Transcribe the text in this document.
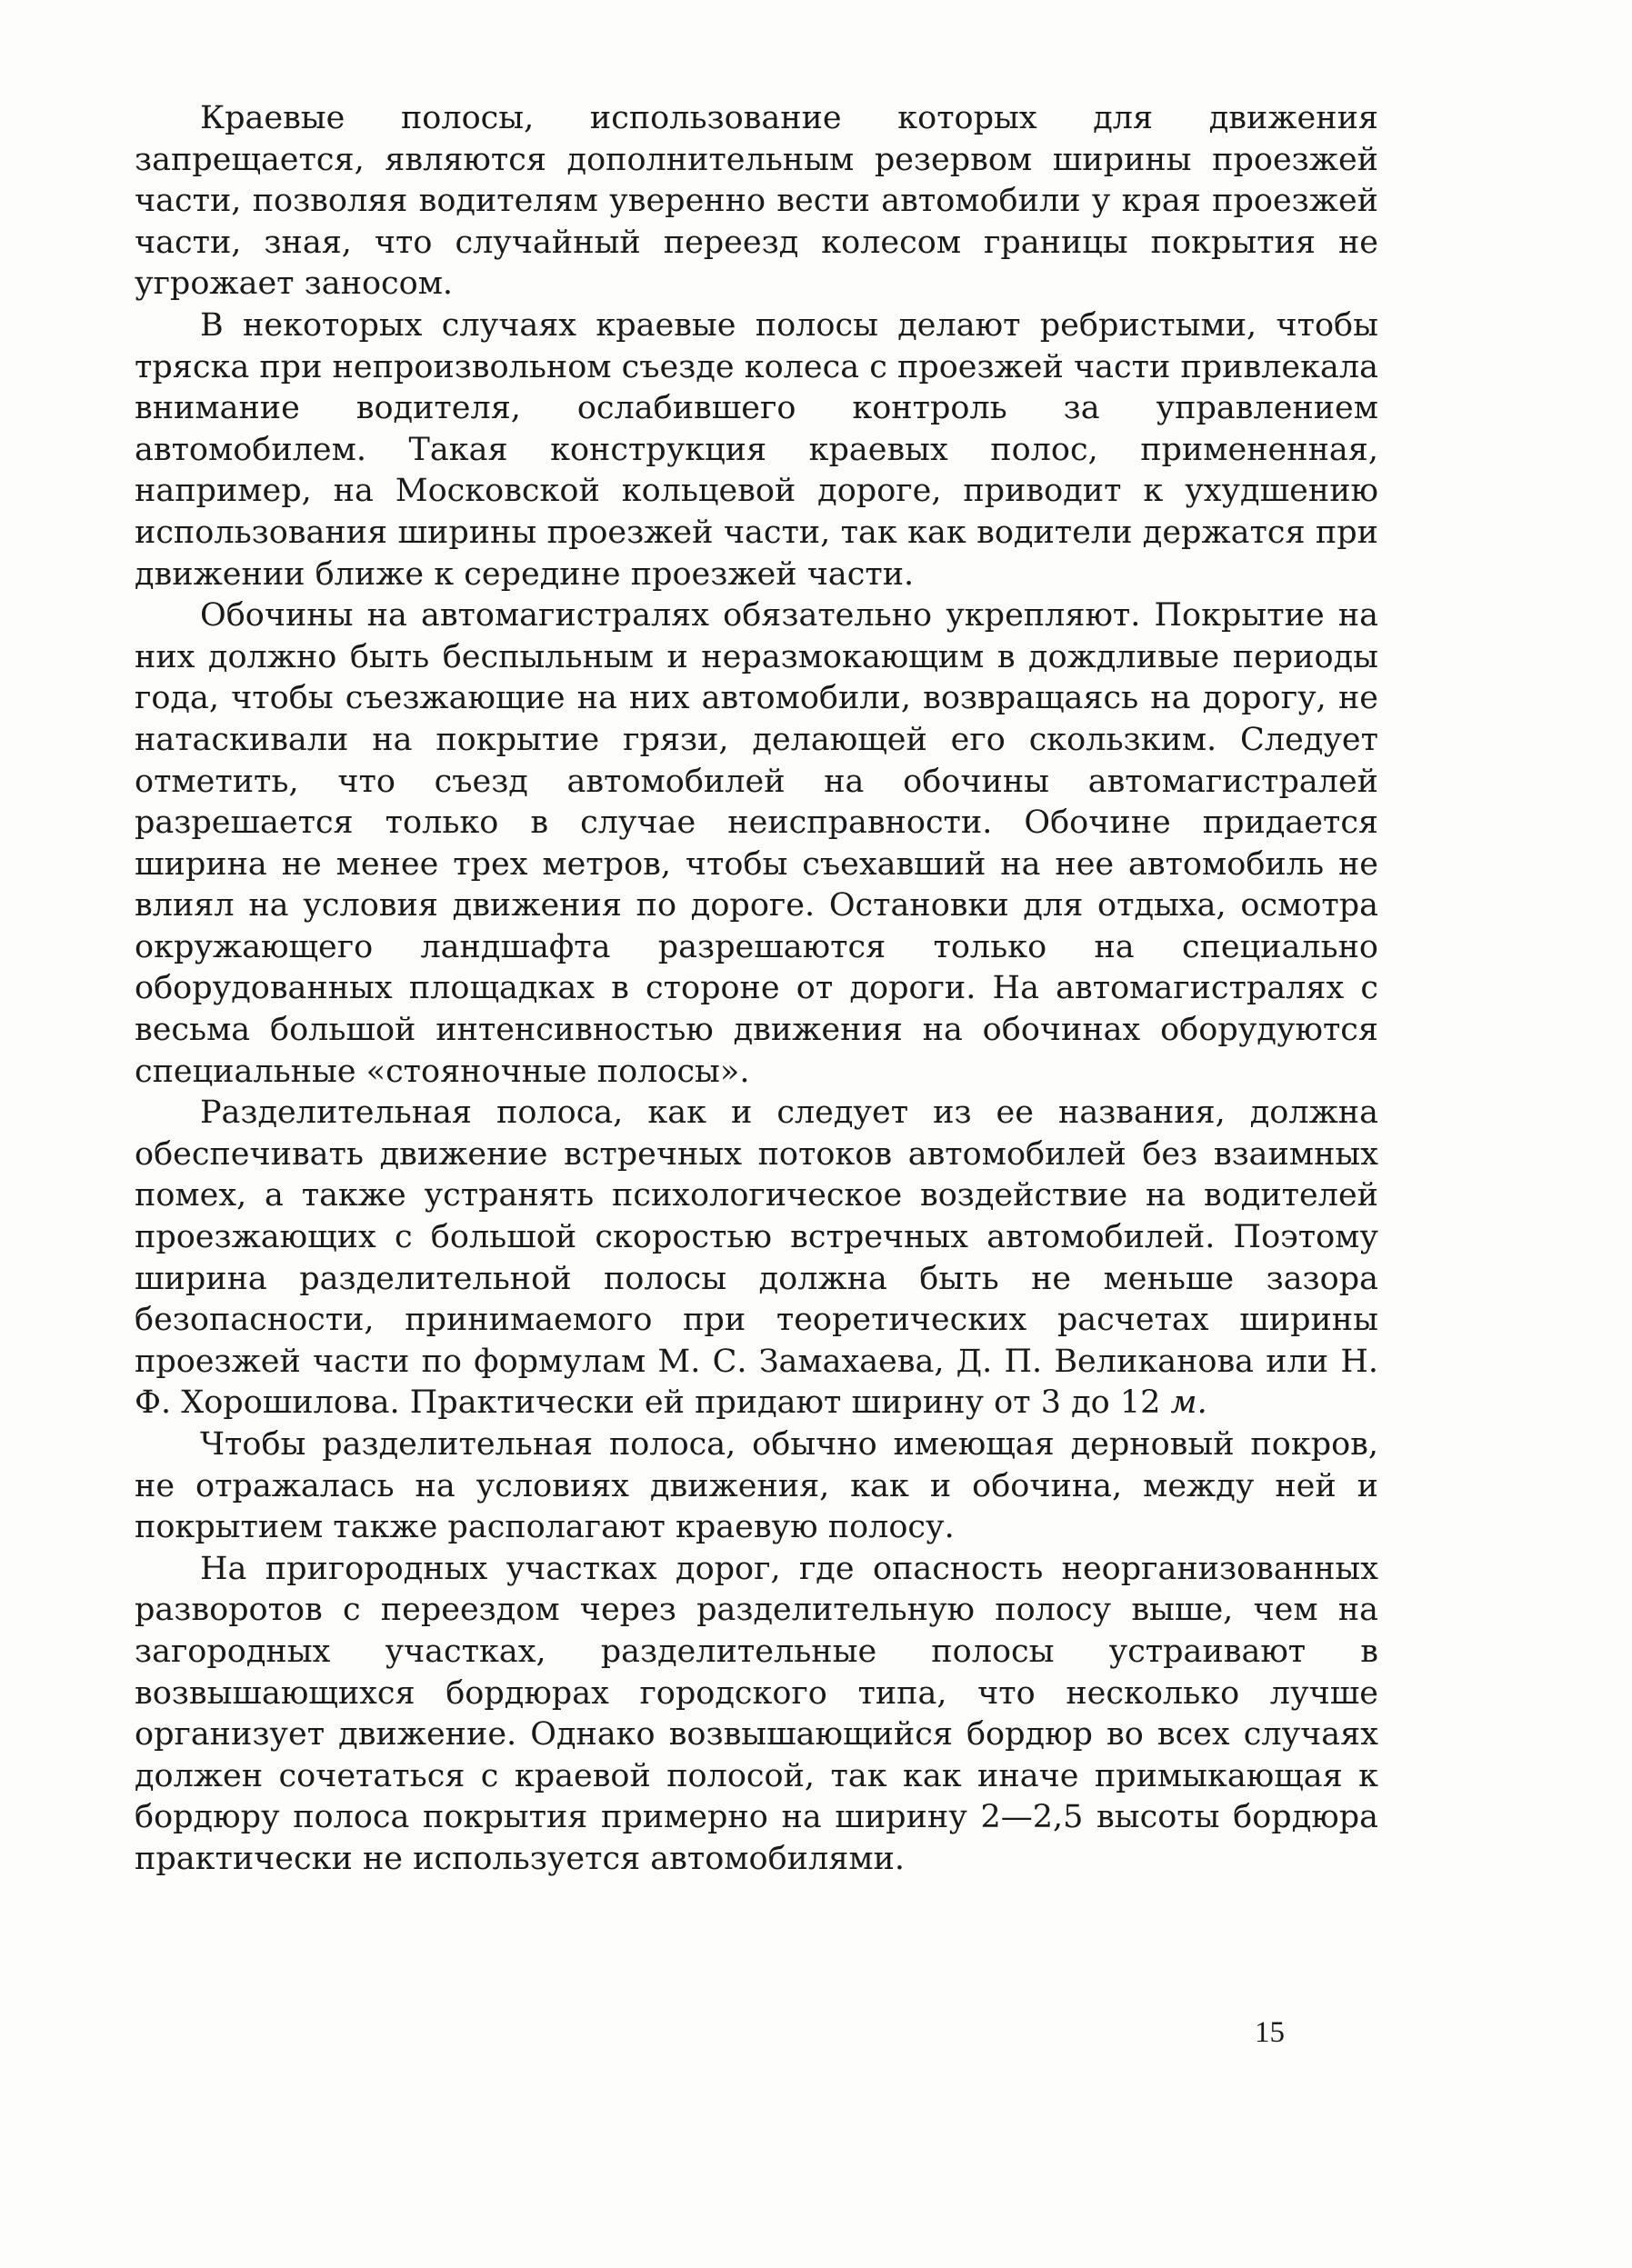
Краевые полосы, использование которых для движения запрещается, являются дополнительным резервом ширины проезжей части, позволяя водителям уверенно вести автомобили у края проезжей части, зная, что случайный переезд колесом границы покрытия не угрожает заносом.

В некоторых случаях краевые полосы делают ребристыми, чтобы тряска при непроизвольном съезде колеса с проезжей части привлекала внимание водителя, ослабившего контроль за управлением автомобилем. Такая конструкция краевых полос, примененная, например, на Московской кольцевой дороге, приводит к ухудшению использования ширины проезжей части, так как водители держатся при движении ближе к середине проезжей части.

Обочины на автомагистралях обязательно укрепляют. Покрытие на них должно быть беспыльным и неразмокающим в дождливые периоды года, чтобы съезжающие на них автомобили, возвращаясь на дорогу, не натаскивали на покрытие грязи, делающей его скользким. Следует отметить, что съезд автомобилей на обочины автомагистралей разрешается только в случае неисправности. Обочине придается ширина не менее трех метров, чтобы съехавший на нее автомобиль не влиял на условия движения по дороге. Остановки для отдыха, осмотра окружающего ландшафта разрешаются только на специально оборудованных площадках в стороне от дороги. На автомагистралях с весьма большой интенсивностью движения на обочинах оборудуются специальные «стояночные полосы».

Разделительная полоса, как и следует из ее названия, должна обеспечивать движение встречных потоков автомобилей без взаимных помех, а также устранять психологическое воздействие на водителей проезжающих с большой скоростью встречных автомобилей. Поэтому ширина разделительной полосы должна быть не меньше зазора безопасности, принимаемого при теоретических расчетах ширины проезжей части по формулам М. С. Замахаева, Д. П. Великанова или Н. Ф. Хорошилова. Практически ей придают ширину от 3 до 12 м.

Чтобы разделительная полоса, обычно имеющая дерновый покров, не отражалась на условиях движения, как и обочина, между ней и покрытием также располагают краевую полосу.

На пригородных участках дорог, где опасность неорганизованных разворотов с переездом через разделительную полосу выше, чем на загородных участках, разделительные полосы устраивают в возвышающихся бордюрах городского типа, что несколько лучше организует движение. Однако возвышающийся бордюр во всех случаях должен сочетаться с краевой полосой, так как иначе примыкающая к бордюру полоса покрытия примерно на ширину 2—2,5 высоты бордюра практически не используется автомобилями.

15
